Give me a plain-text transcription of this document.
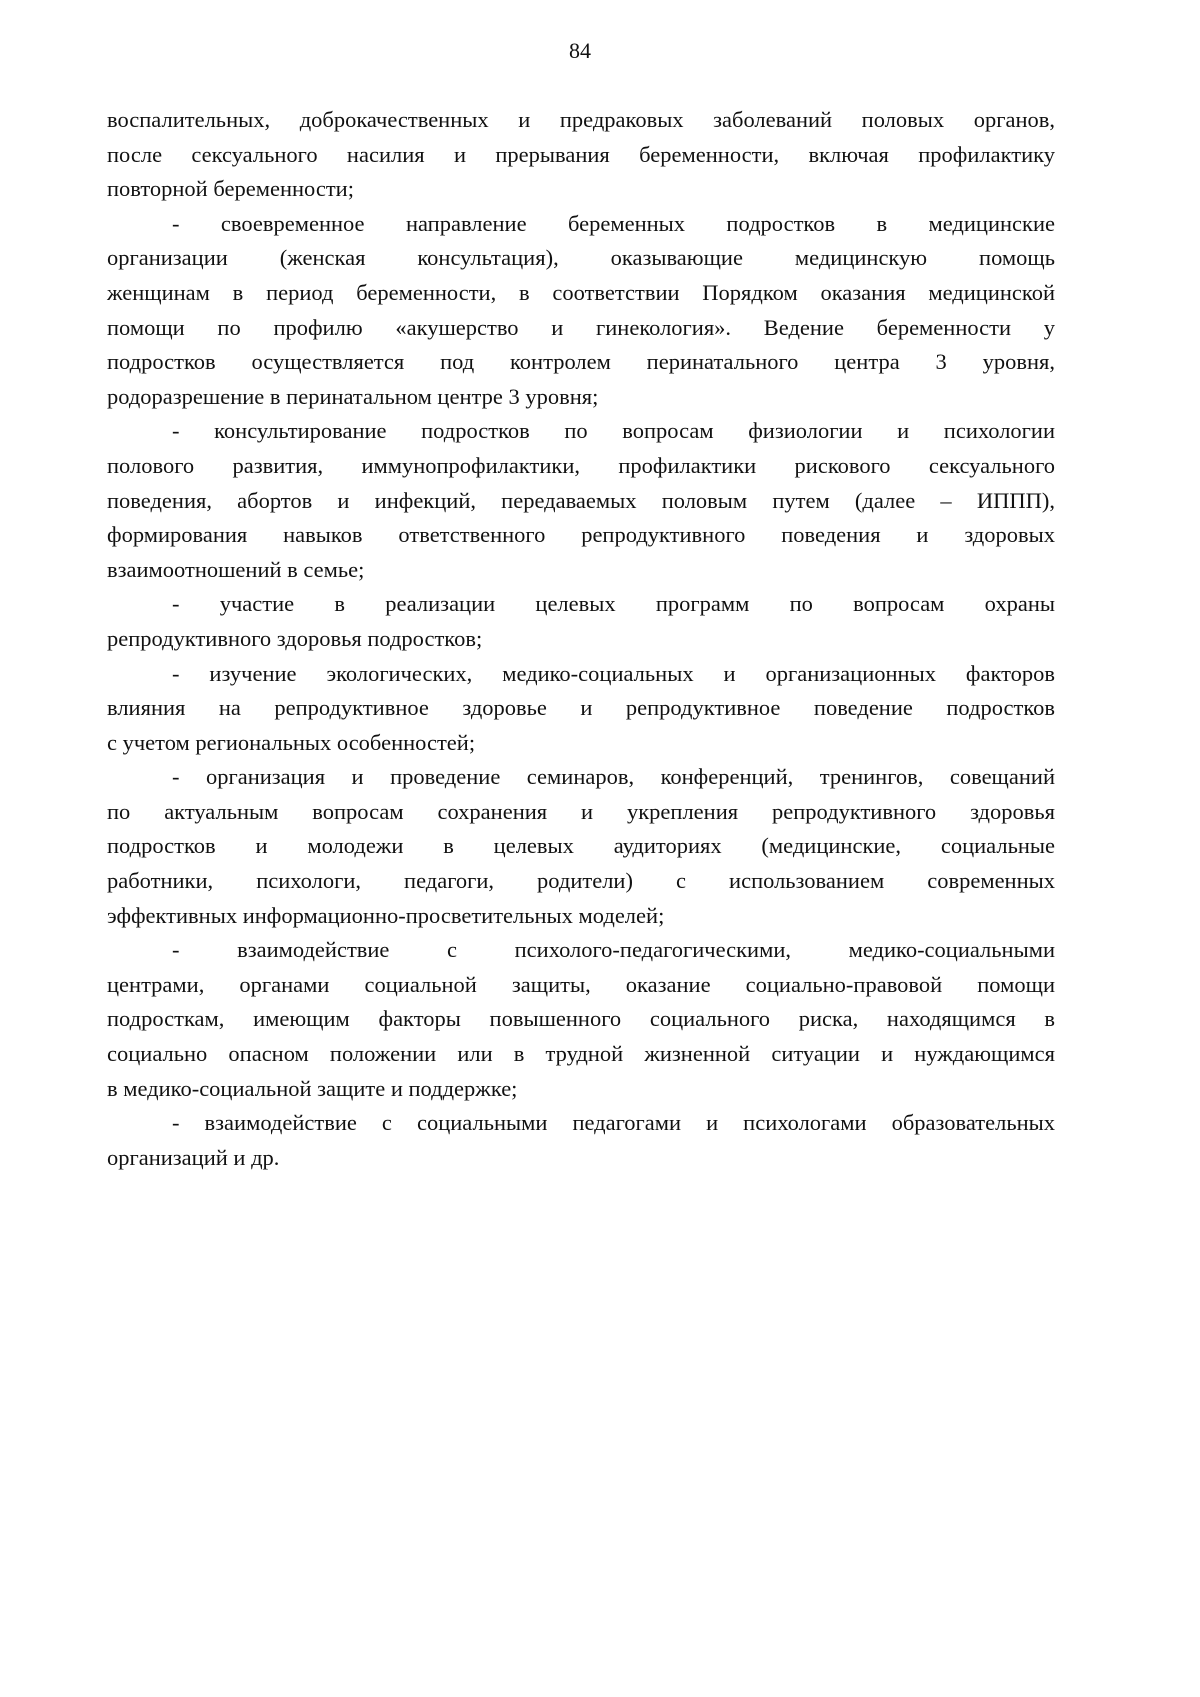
84
воспалительных, доброкачественных и предраковых заболеваний половых органов,
после сексуального насилия и прерывания беременности, включая профилактику
повторной беременности;
- своевременное направление беременных подростков в медицинские
организации (женская консультация), оказывающие медицинскую помощь
женщинам в период беременности, в соответствии Порядком оказания медицинской
помощи по профилю «акушерство и гинекология». Ведение беременности у
подростков осуществляется под контролем перинатального центра 3 уровня,
родоразрешение в перинатальном центре 3 уровня;
- консультирование подростков по вопросам физиологии и психологии
полового развития, иммунопрофилактики, профилактики рискового сексуального
поведения, абортов и инфекций, передаваемых половым путем (далее – ИППП),
формирования навыков ответственного репродуктивного поведения и здоровых
взаимоотношений в семье;
- участие в реализации целевых программ по вопросам охраны
репродуктивного здоровья подростков;
- изучение экологических, медико-социальных и организационных факторов
влияния на репродуктивное здоровье и репродуктивное поведение подростков
с учетом региональных особенностей;
- организация и проведение семинаров, конференций, тренингов, совещаний
по актуальным вопросам сохранения и укрепления репродуктивного здоровья
подростков и молодежи в целевых аудиториях (медицинские, социальные
работники, психологи, педагоги, родители) с использованием современных
эффективных информационно-просветительных моделей;
- взаимодействие с психолого-педагогическими, медико-социальными
центрами, органами социальной защиты, оказание социально-правовой помощи
подросткам, имеющим факторы повышенного социального риска, находящимся в
социально опасном положении или в трудной жизненной ситуации и нуждающимся
в медико-социальной защите и поддержке;
- взаимодействие с социальными педагогами и психологами образовательных
организаций и др.
